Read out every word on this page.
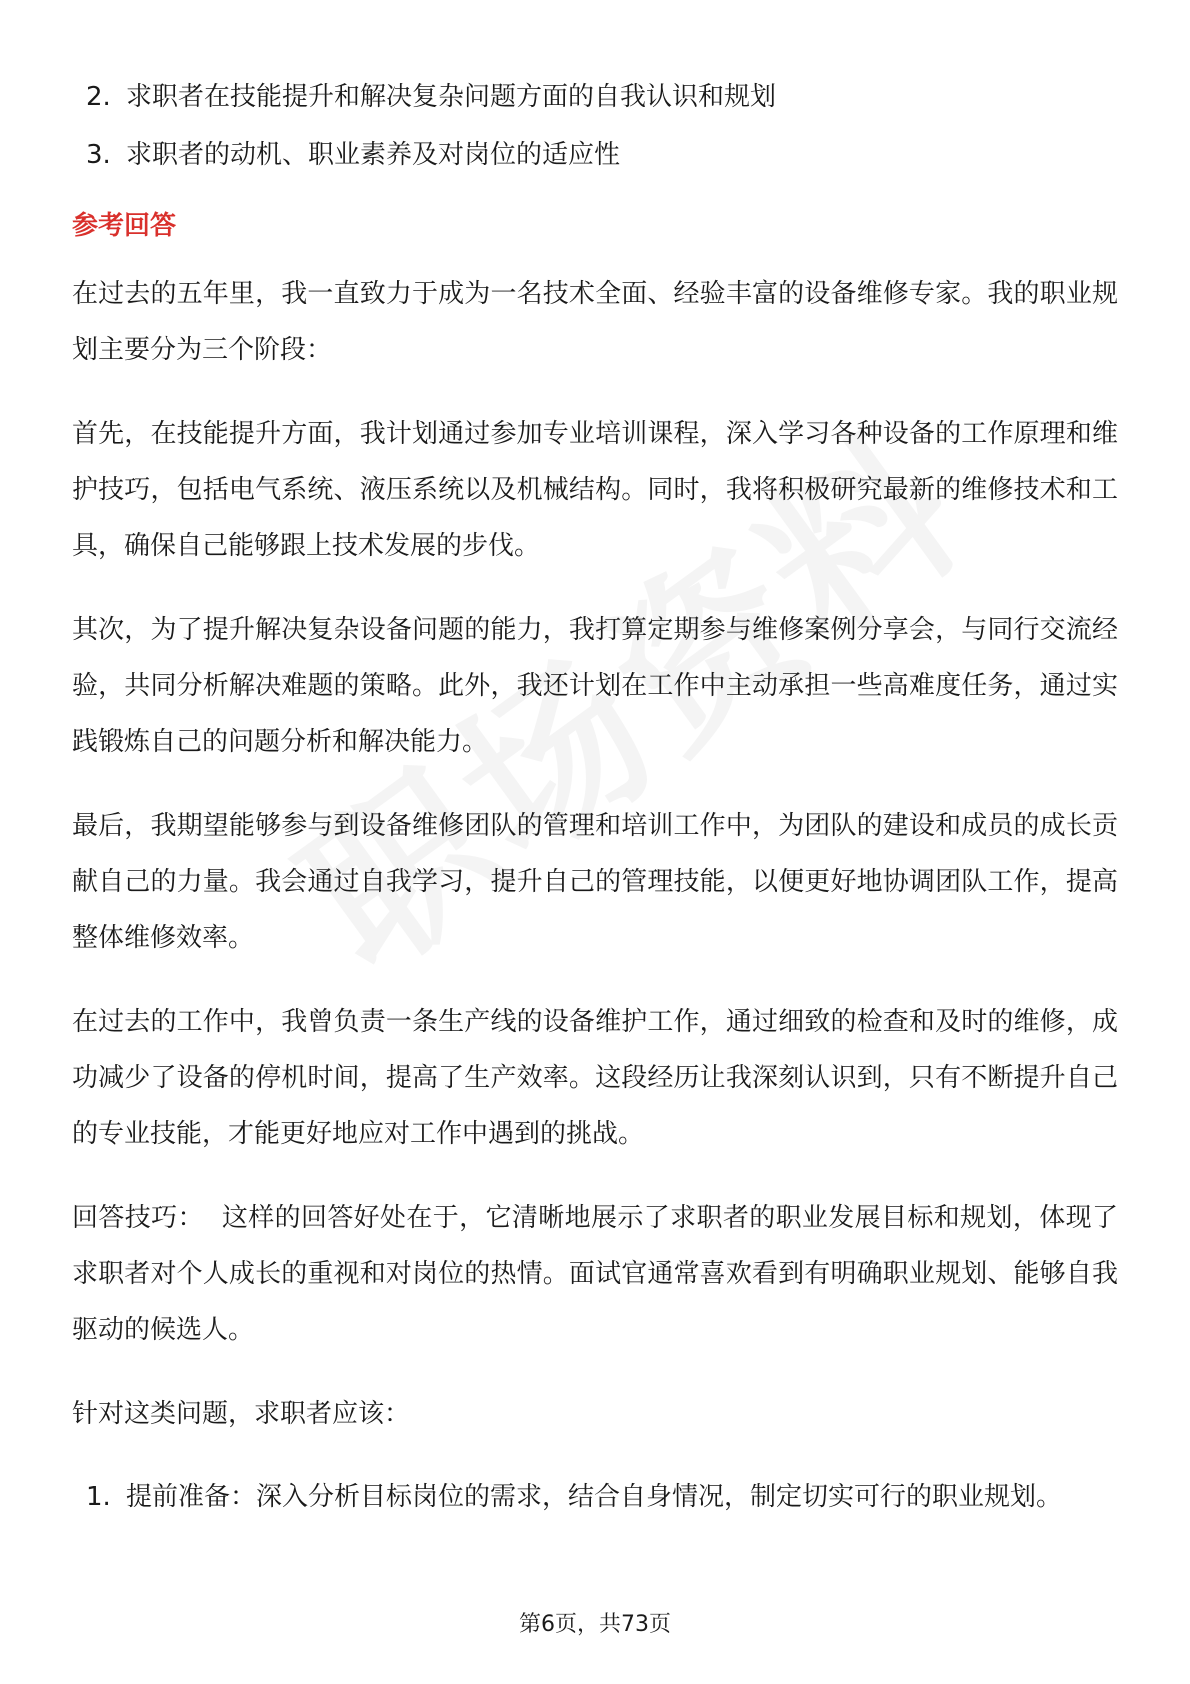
2. 求职者在技能提升和解决复杂问题方面的自我认识和规划
3. 求职者的动机、职业素养及对岗位的适应性
参考回答

在过去的五年里，我一直致力于成为一名技术全面、经验丰富的设备维修专家。我的职业规划主要分为三个阶段：

首先，在技能提升方面，我计划通过参加专业培训课程，深入学习各种设备的工作原理和维护技巧，包括电气系统、液压系统以及机械结构。同时，我将积极研究最新的维修技术和工具，确保自己能够跟上技术发展的步伐。

其次，为了提升解决复杂设备问题的能力，我打算定期参与维修案例分享会，与同行交流经验，共同分析解决难题的策略。此外，我还计划在工作中主动承担一些高难度任务，通过实践锻炼自己的问题分析和解决能力。

最后，我期望能够参与到设备维修团队的管理和培训工作中，为团队的建设和成员的成长贡献自己的力量。我会通过自我学习，提升自己的管理技能，以便更好地协调团队工作，提高整体维修效率。

在过去的工作中，我曾负责一条生产线的设备维护工作，通过细致的检查和及时的维修，成功减少了设备的停机时间，提高了生产效率。这段经历让我深刻认识到，只有不断提升自己的专业技能，才能更好地应对工作中遇到的挑战。

回答技巧： 这样的回答好处在于，它清晰地展示了求职者的职业发展目标和规划，体现了求职者对个人成长的重视和对岗位的热情。面试官通常喜欢看到有明确职业规划、能够自我驱动的候选人。

针对这类问题，求职者应该：

1. 提前准备：深入分析目标岗位的需求，结合自身情况，制定切实可行的职业规划。
第6页，共73页
